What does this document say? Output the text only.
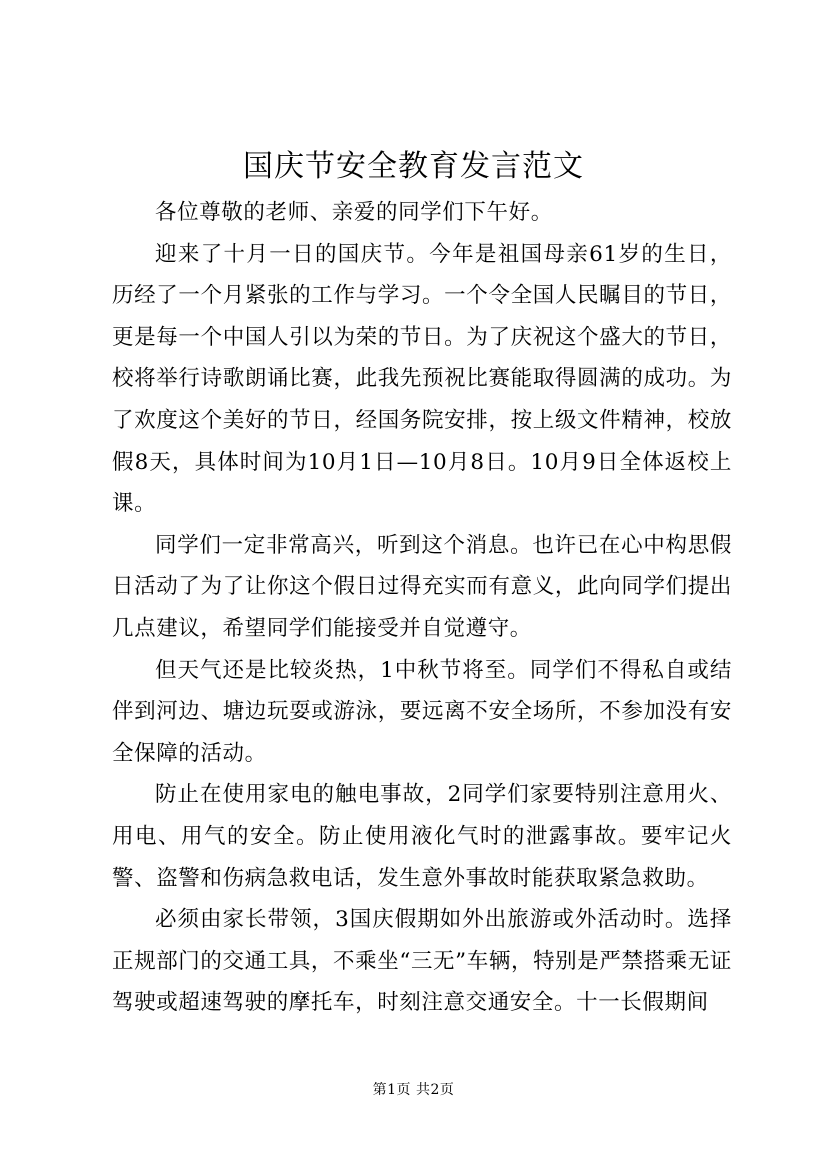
国庆节安全教育发言范文

各位尊敬的老师、亲爱的同学们下午好。

迎来了十月一日的国庆节。今年是祖国母亲61岁的生日，历经了一个月紧张的工作与学习。一个令全国人民瞩目的节日，更是每一个中国人引以为荣的节日。为了庆祝这个盛大的节日，校将举行诗歌朗诵比赛，此我先预祝比赛能取得圆满的成功。为了欢度这个美好的节日，经国务院安排，按上级文件精神，校放假8天，具体时间为10月1日—10月8日。10月9日全体返校上课。

同学们一定非常高兴，听到这个消息。也许已在心中构思假日活动了为了让你这个假日过得充实而有意义，此向同学们提出几点建议，希望同学们能接受并自觉遵守。

但天气还是比较炎热，1中秋节将至。同学们不得私自或结伴到河边、塘边玩耍或游泳，要远离不安全场所，不参加没有安全保障的活动。

防止在使用家电的触电事故，2同学们家要特别注意用火、用电、用气的安全。防止使用液化气时的泄露事故。要牢记火警、盗警和伤病急救电话，发生意外事故时能获取紧急救助。

必须由家长带领，3国庆假期如外出旅游或外活动时。选择正规部门的交通工具，不乘坐“三无”车辆，特别是严禁搭乘无证驾驶或超速驾驶的摩托车，时刻注意交通安全。十一长假期间

第1页 共2页
